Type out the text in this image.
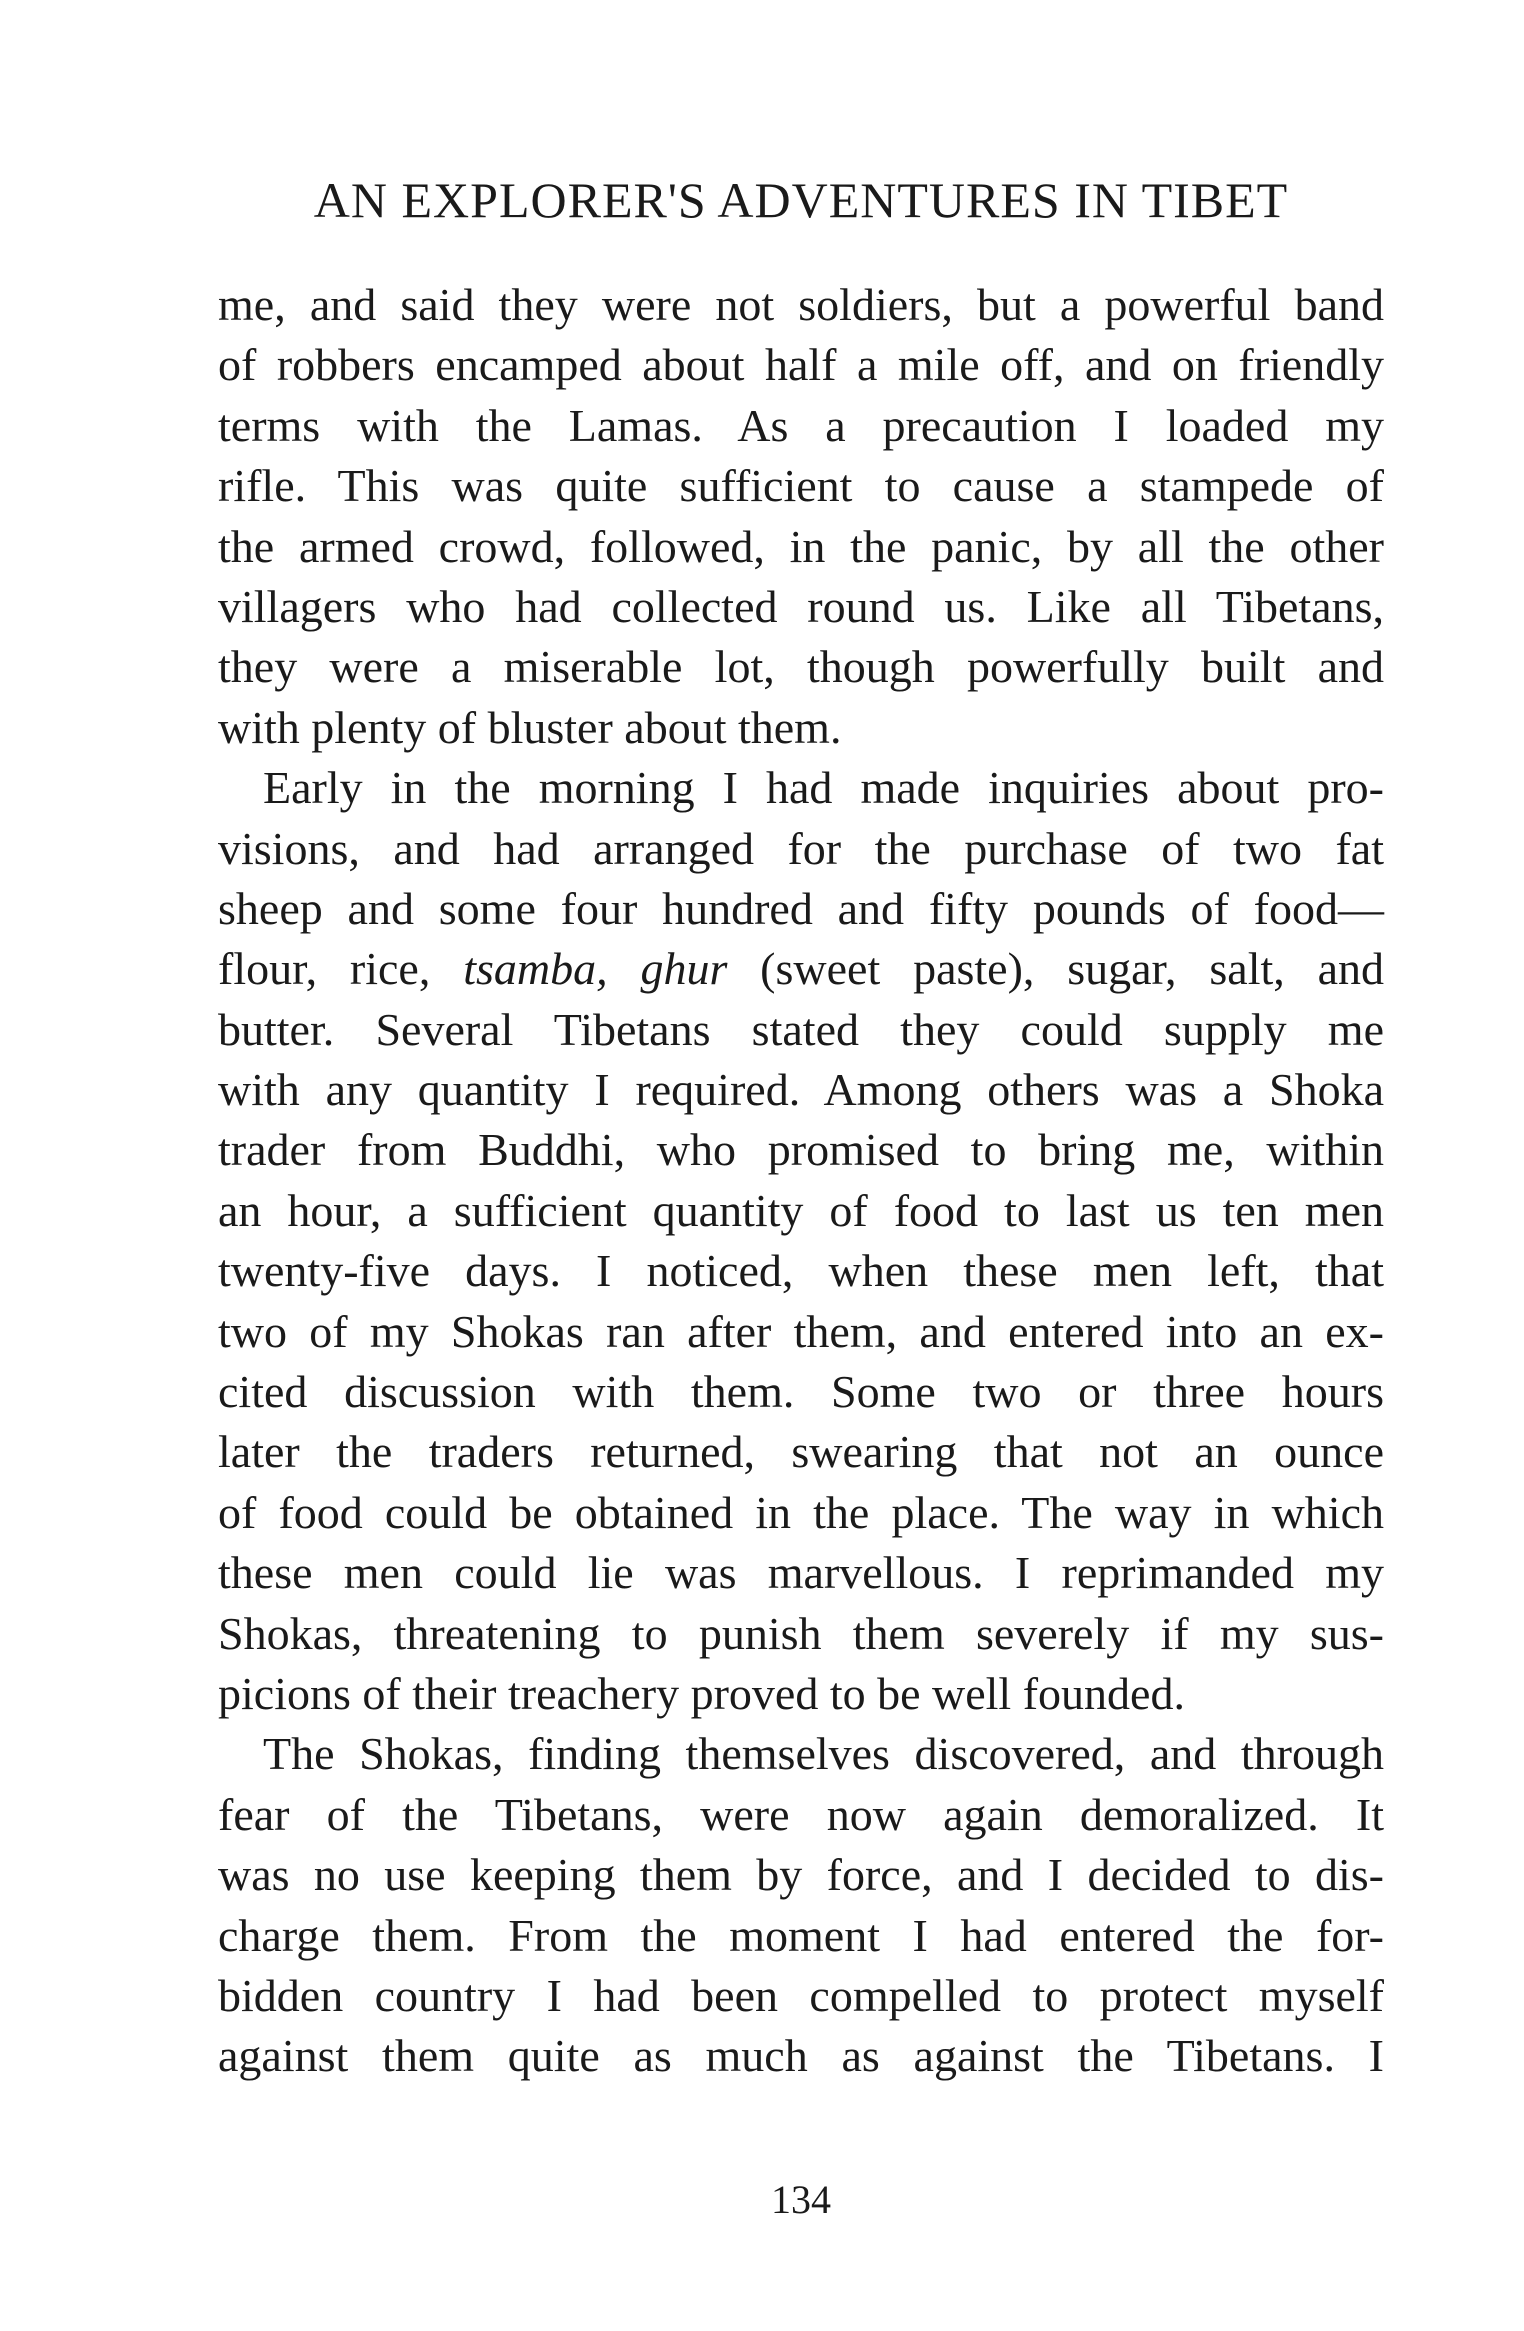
AN EXPLORER'S ADVENTURES IN TIBET
me, and said they were not soldiers, but a powerful band
of robbers encamped about half a mile off, and on friendly
terms with the Lamas. As a precaution I loaded my
rifle. This was quite sufficient to cause a stampede of
the armed crowd, followed, in the panic, by all the other
villagers who had collected round us. Like all Tibetans,
they were a miserable lot, though powerfully built and
with plenty of bluster about them.
Early in the morning I had made inquiries about pro-
visions, and had arranged for the purchase of two fat
sheep and some four hundred and fifty pounds of food—
flour, rice, tsamba, ghur (sweet paste), sugar, salt, and
butter. Several Tibetans stated they could supply me
with any quantity I required. Among others was a Shoka
trader from Buddhi, who promised to bring me, within
an hour, a sufficient quantity of food to last us ten men
twenty-five days. I noticed, when these men left, that
two of my Shokas ran after them, and entered into an ex-
cited discussion with them. Some two or three hours
later the traders returned, swearing that not an ounce
of food could be obtained in the place. The way in which
these men could lie was marvellous. I reprimanded my
Shokas, threatening to punish them severely if my sus-
picions of their treachery proved to be well founded.
The Shokas, finding themselves discovered, and through
fear of the Tibetans, were now again demoralized. It
was no use keeping them by force, and I decided to dis-
charge them. From the moment I had entered the for-
bidden country I had been compelled to protect myself
against them quite as much as against the Tibetans. I
134
